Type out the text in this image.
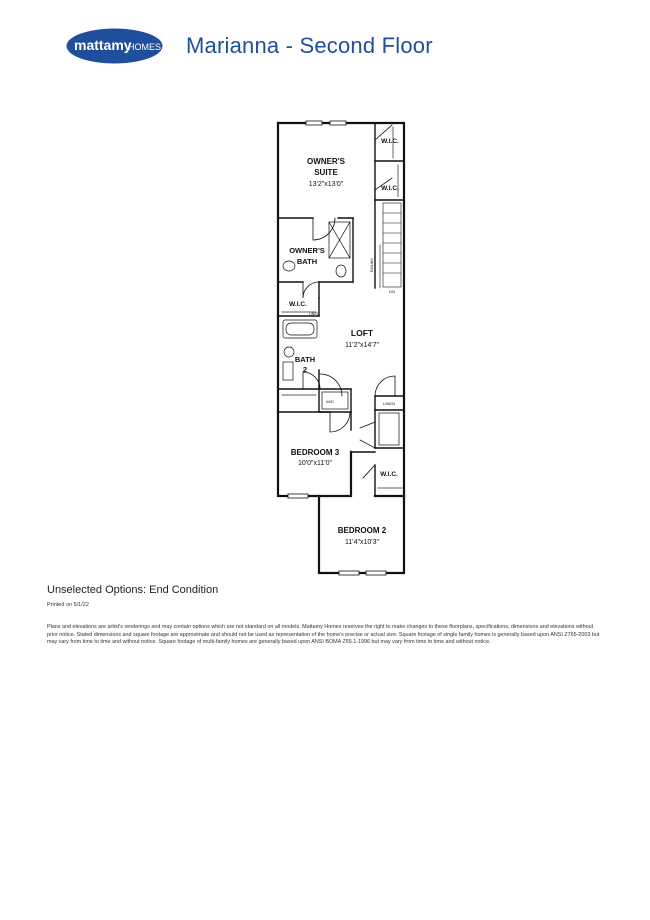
mattamy
HOMES Marianna - Second Floor
OWNER'S
SUITE
13'2"x13'0"
OWNER'S
BATH
W.I.C.
W.I.C.
W.I.C.
W.I.C.
LOFT
11'2"x14'7"
BATH
2
BEDROOM 3
10'0"x11'0"
BEDROOM 2
11'4"x10'3"
LINEN
LINEN
DN
RAILING
W/D
Unselected Options: End Condition
Printed on 5/1/22
Plans and elevations are artist's renderings and may contain options which are not standard on all models. Mattamy Homes reserves the right to make changes to these floorplans, specifications, dimensions and elevations without prior notice. Stated dimensions and square footage are approximate and should not be used as representation of the home's precise or actual size. Square footage of single family homes is generally based upon ANSI Z765-2003 but may vary from time to time and without notice. Square footage of multi-family homes are generally based upon ANSI BOMA Z65.1-1996 but may vary from time to time and without notice.
